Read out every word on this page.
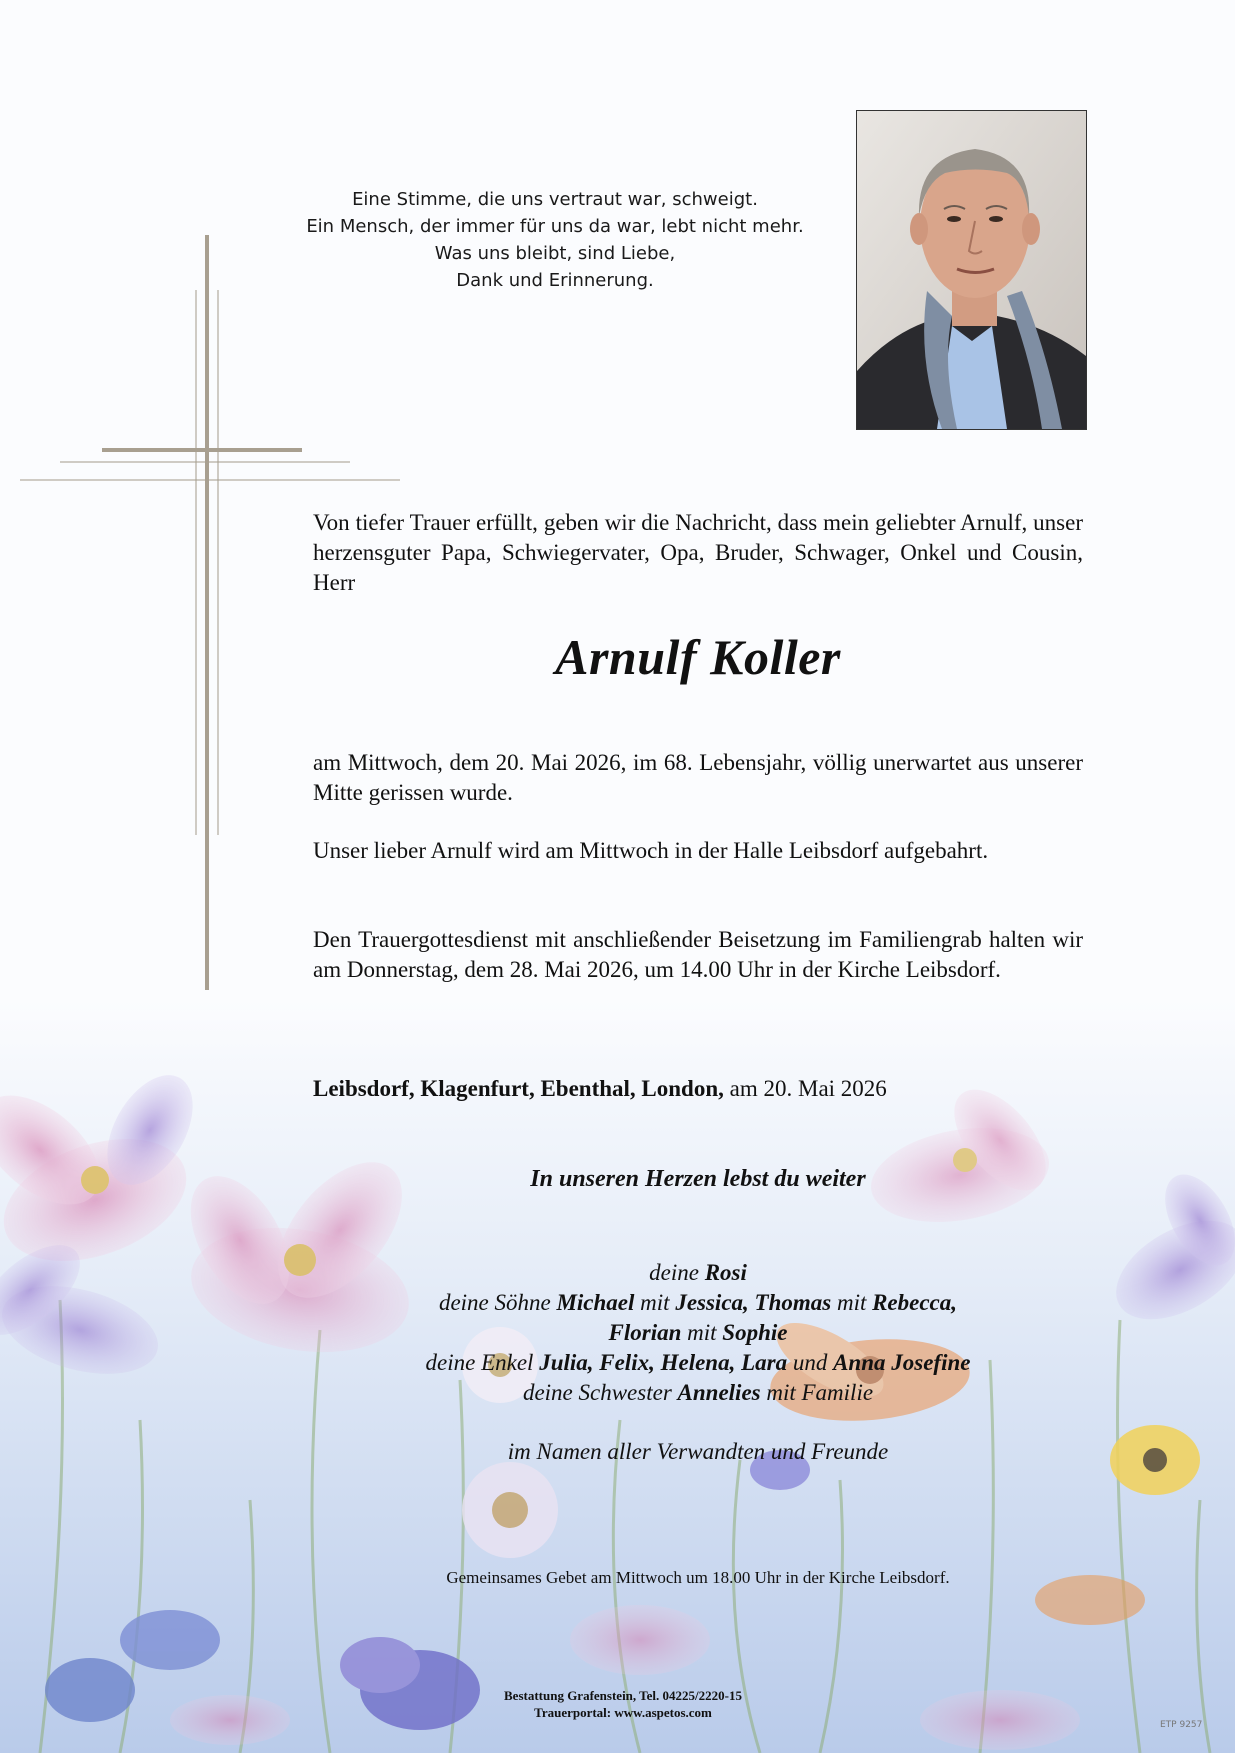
Eine Stimme, die uns vertraut war, schweigt.
Ein Mensch, der immer für uns da war, lebt nicht mehr.
Was uns bleibt, sind Liebe,
Dank und Erinnerung.
Von tiefer Trauer erfüllt, geben wir die Nachricht, dass mein geliebter Arnulf, unser herzensguter Papa, Schwiegervater, Opa, Bruder, Schwager, Onkel und Cousin, Herr
Arnulf Koller
am Mittwoch, dem 20. Mai 2026, im 68. Lebensjahr, völlig unerwartet aus unserer Mitte gerissen wurde.
Unser lieber Arnulf wird am Mittwoch in der Halle Leibsdorf aufgebahrt.
Den Trauergottesdienst mit anschließender Beisetzung im Familiengrab halten wir am Donnerstag, dem 28. Mai 2026, um 14.00 Uhr in der Kirche Leibsdorf.
Leibsdorf, Klagenfurt, Ebenthal, London, am 20. Mai 2026
In unseren Herzen lebst du weiter
deine Rosi
deine Söhne Michael mit Jessica, Thomas mit Rebecca,
Florian mit Sophie
deine Enkel Julia, Felix, Helena, Lara und Anna Josefine
deine Schwester Annelies mit Familie
im Namen aller Verwandten und Freunde
Gemeinsames Gebet am Mittwoch um 18.00 Uhr in der Kirche Leibsdorf.
Bestattung Grafenstein, Tel. 04225/2220-15
Trauerportal: www.aspetos.com
ETP 9257
